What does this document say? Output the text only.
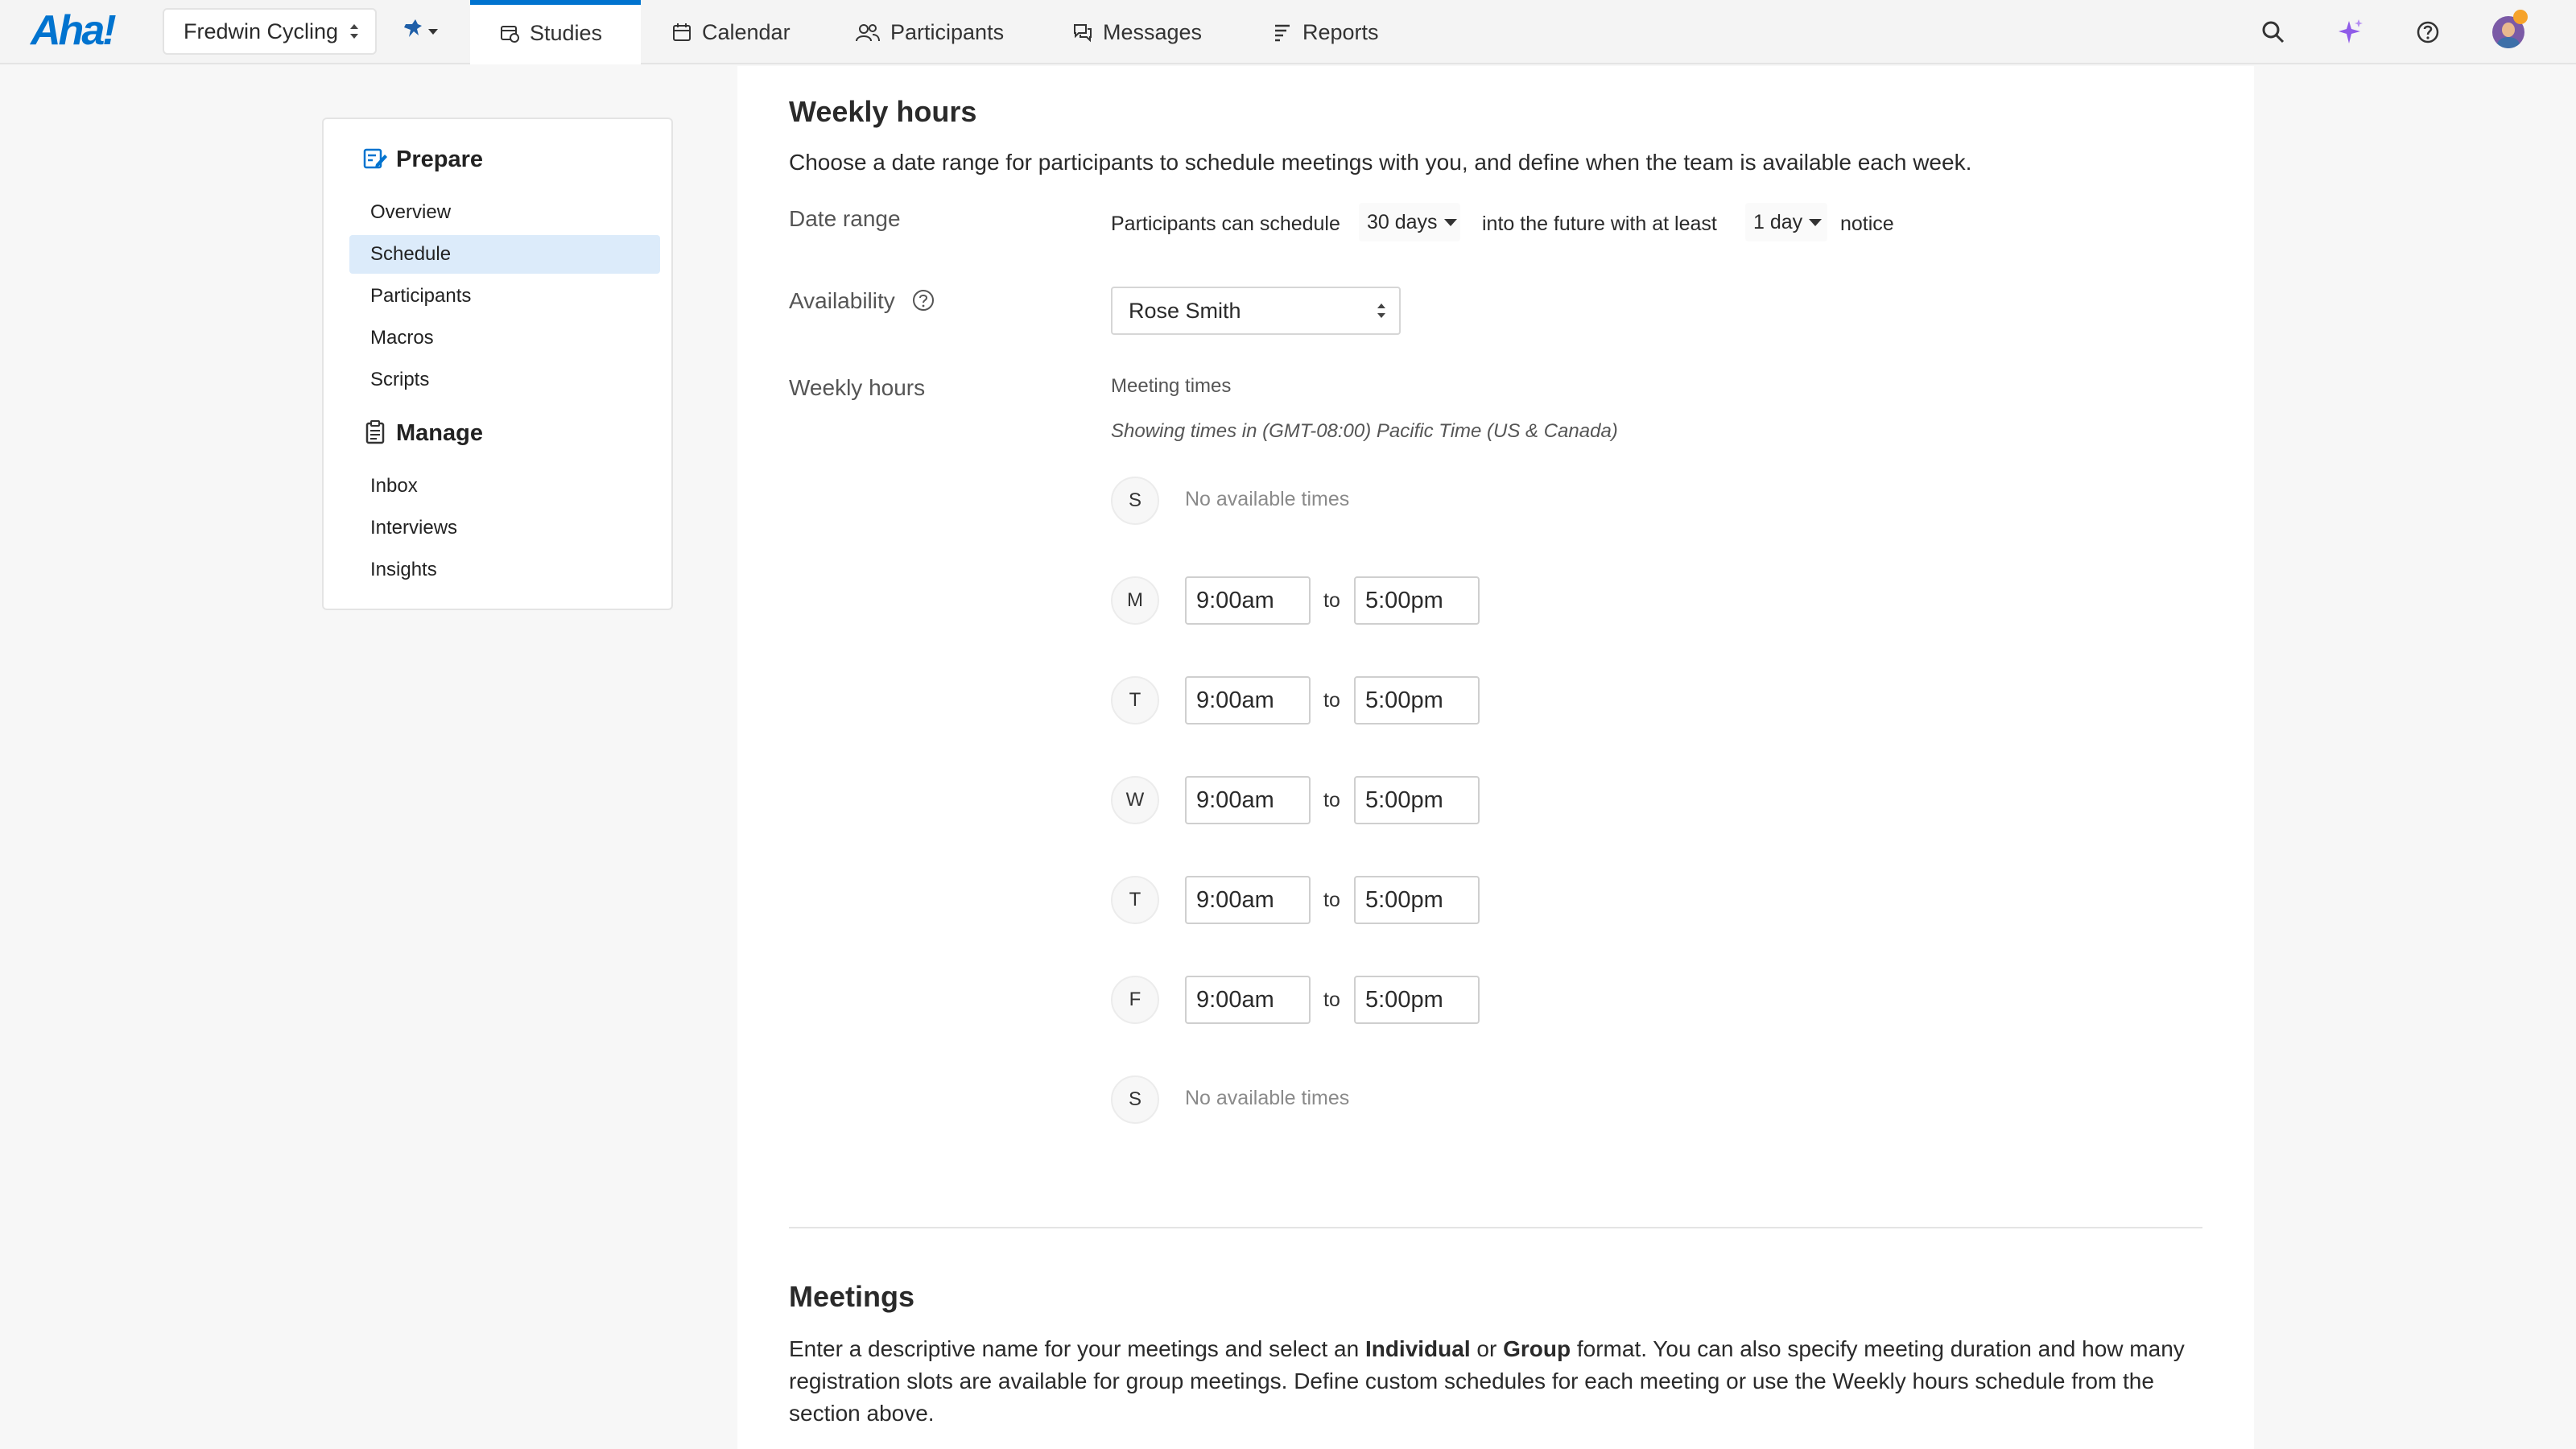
Aha!	Fredwin Cycling	Studies	Calendar	Participants	Messages	Reports
Prepare
Overview
Schedule
Participants
Macros
Scripts
Manage
Inbox
Interviews
Insights
Weekly hours
Choose a date range for participants to schedule meetings with you, and define when the team is available each week.
Date range	Participants can schedule	30 days	into the future with at least	1 day	notice
Availability	Rose Smith
Weekly hours	Meeting times
Showing times in (GMT-08:00) Pacific Time (US & Canada)
S	No available times
M	9:00am	to	5:00pm
T	9:00am	to	5:00pm
W	9:00am	to	5:00pm
T	9:00am	to	5:00pm
F	9:00am	to	5:00pm
S	No available times
Meetings
Enter a descriptive name for your meetings and select an Individual or Group format. You can also specify meeting duration and how many registration slots are available for group meetings. Define custom schedules for each meeting or use the Weekly hours schedule from the section above.
